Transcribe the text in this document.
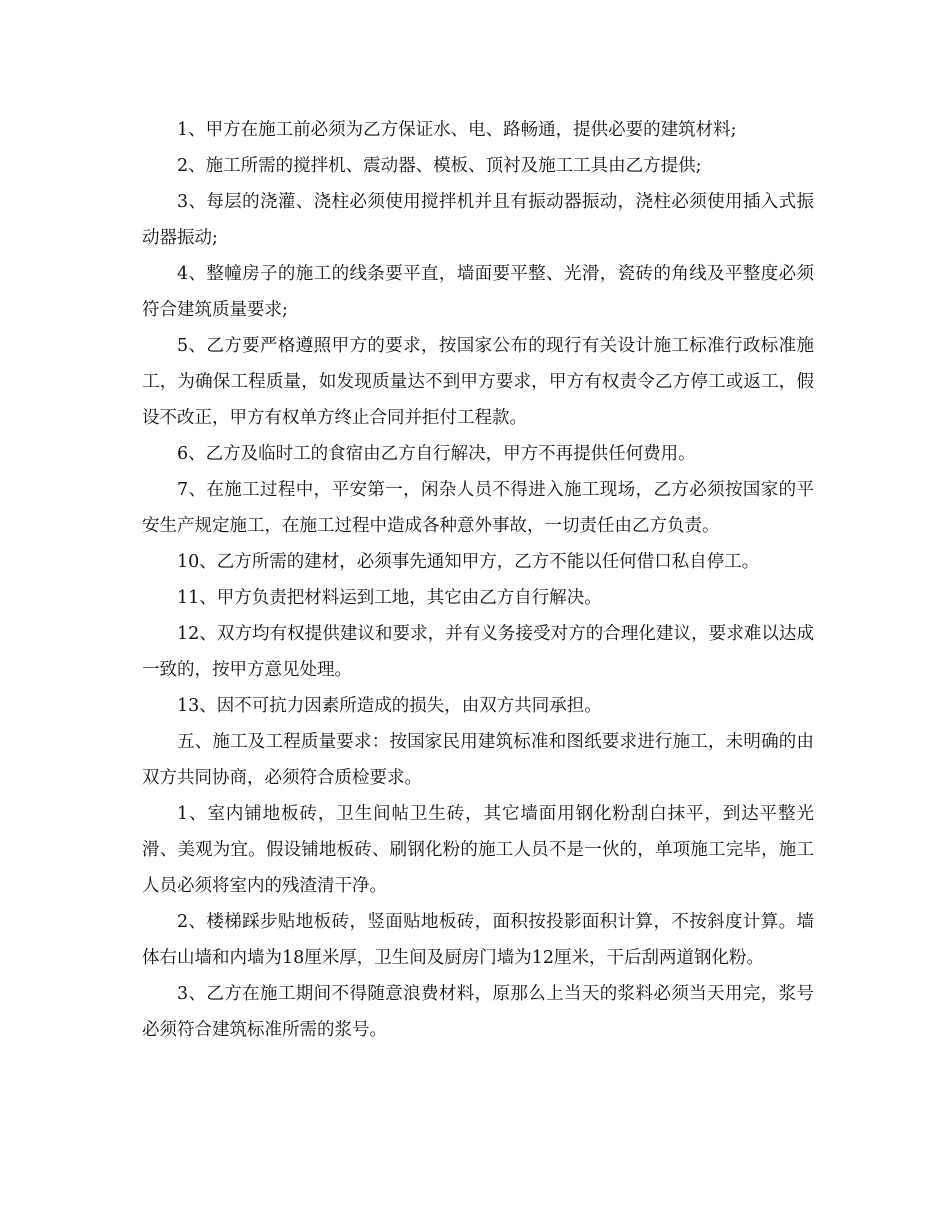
1、甲方在施工前必须为乙方保证水、电、路畅通，提供必要的建筑材料;

2、施工所需的搅拌机、震动器、模板、顶衬及施工工具由乙方提供;

3、每层的浇灌、浇柱必须使用搅拌机并且有振动器振动，浇柱必须使用插入式振动器振动;

4、整幢房子的施工的线条要平直，墙面要平整、光滑，瓷砖的角线及平整度必须符合建筑质量要求;

5、乙方要严格遵照甲方的要求，按国家公布的现行有关设计施工标准行政标准施工，为确保工程质量，如发现质量达不到甲方要求，甲方有权责令乙方停工或返工，假设不改正，甲方有权单方终止合同并拒付工程款。

6、乙方及临时工的食宿由乙方自行解决，甲方不再提供任何费用。

7、在施工过程中，平安第一，闲杂人员不得进入施工现场，乙方必须按国家的平安生产规定施工，在施工过程中造成各种意外事故，一切责任由乙方负责。

10、乙方所需的建材，必须事先通知甲方，乙方不能以任何借口私自停工。

11、甲方负责把材料运到工地，其它由乙方自行解决。

12、双方均有权提供建议和要求，并有义务接受对方的合理化建议，要求难以达成一致的，按甲方意见处理。

13、因不可抗力因素所造成的损失，由双方共同承担。

五、施工及工程质量要求：按国家民用建筑标准和图纸要求进行施工，未明确的由双方共同协商，必须符合质检要求。

1、室内铺地板砖，卫生间帖卫生砖，其它墙面用钢化粉刮白抹平，到达平整光滑、美观为宜。假设铺地板砖、刷钢化粉的施工人员不是一伙的，单项施工完毕，施工人员必须将室内的残渣清干净。

2、楼梯踩步贴地板砖，竖面贴地板砖，面积按投影面积计算，不按斜度计算。墙体右山墙和内墙为18厘米厚，卫生间及厨房门墙为12厘米，干后刮两道钢化粉。

3、乙方在施工期间不得随意浪费材料，原那么上当天的浆料必须当天用完，浆号必须符合建筑标准所需的浆号。
